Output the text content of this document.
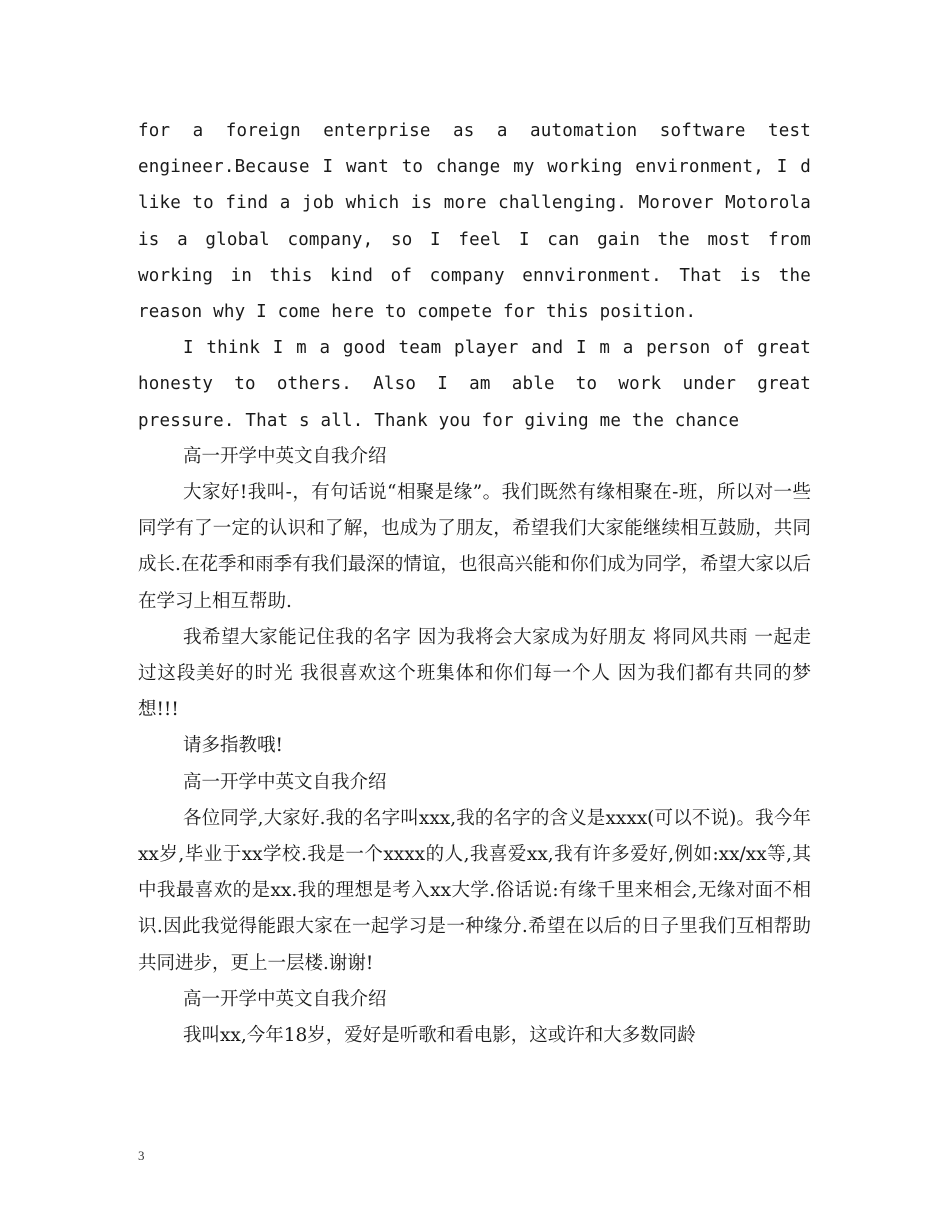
for a foreign enterprise as a automation software test engineer.Because I want to change my working environment, I d like to find a job which is more challenging. Morover Motorola is a global company, so I feel I can gain the most from working in this kind of company ennvironment. That is the reason why I come here to compete for this position.

I think I m a good team player and I m a person of great honesty to others. Also I am able to work under great pressure. That s all. Thank you for giving me the chance

高一开学中英文自我介绍

大家好!我叫-，有句话说“相聚是缘”。我们既然有缘相聚在-班，所以对一些同学有了一定的认识和了解，也成为了朋友，希望我们大家能继续相互鼓励，共同成长.在花季和雨季有我们最深的情谊，也很高兴能和你们成为同学，希望大家以后在学习上相互帮助.

我希望大家能记住我的名字 因为我将会大家成为好朋友 将同风共雨 一起走过这段美好的时光 我很喜欢这个班集体和你们每一个人 因为我们都有共同的梦想!!!

请多指教哦!

高一开学中英文自我介绍

各位同学,大家好.我的名字叫xxx,我的名字的含义是xxxx(可以不说)。我今年xx岁,毕业于xx学校.我是一个xxxx的人,我喜爱xx,我有许多爱好,例如:xx/xx等,其中我最喜欢的是xx.我的理想是考入xx大学.俗话说:有缘千里来相会,无缘对面不相识.因此我觉得能跟大家在一起学习是一种缘分.希望在以后的日子里我们互相帮助共同进步，更上一层楼.谢谢!

高一开学中英文自我介绍

我叫xx,今年18岁，爱好是听歌和看电影，这或许和大多数同龄

3
